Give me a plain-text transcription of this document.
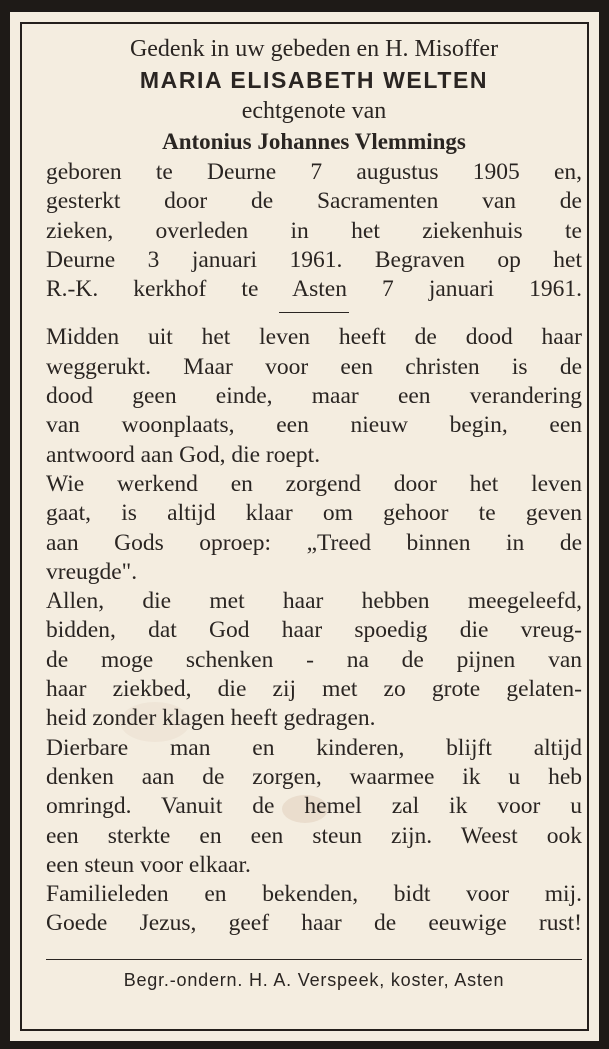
Gedenk in uw gebeden en H. Misoffer
MARIA ELISABETH WELTEN
echtgenote van
Antonius Johannes Vlemmings
geboren te Deurne 7 augustus 1905 en,
gesterkt door de Sacramenten van de
zieken, overleden in het ziekenhuis te
Deurne 3 januari 1961. Begraven op het
R.-K. kerkhof te Asten 7 januari 1961.
Midden uit het leven heeft de dood haar
weggerukt. Maar voor een christen is de
dood geen einde, maar een verandering
van woonplaats, een nieuw begin, een
antwoord aan God, die roept.
Wie werkend en zorgend door het leven
gaat, is altijd klaar om gehoor te geven
aan Gods oproep: „Treed binnen in de
vreugde".
Allen, die met haar hebben meegeleefd,
bidden, dat God haar spoedig die vreug-
de moge schenken - na de pijnen van
haar ziekbed, die zij met zo grote gelaten-
heid zonder klagen heeft gedragen.
Dierbare man en kinderen, blijft altijd
denken aan de zorgen, waarmee ik u heb
omringd. Vanuit de hemel zal ik voor u
een sterkte en een steun zijn. Weest ook
een steun voor elkaar.
Familieleden en bekenden, bidt voor mij.
Goede Jezus, geef haar de eeuwige rust!
Begr.-ondern. H. A. Verspeek, koster, Asten
